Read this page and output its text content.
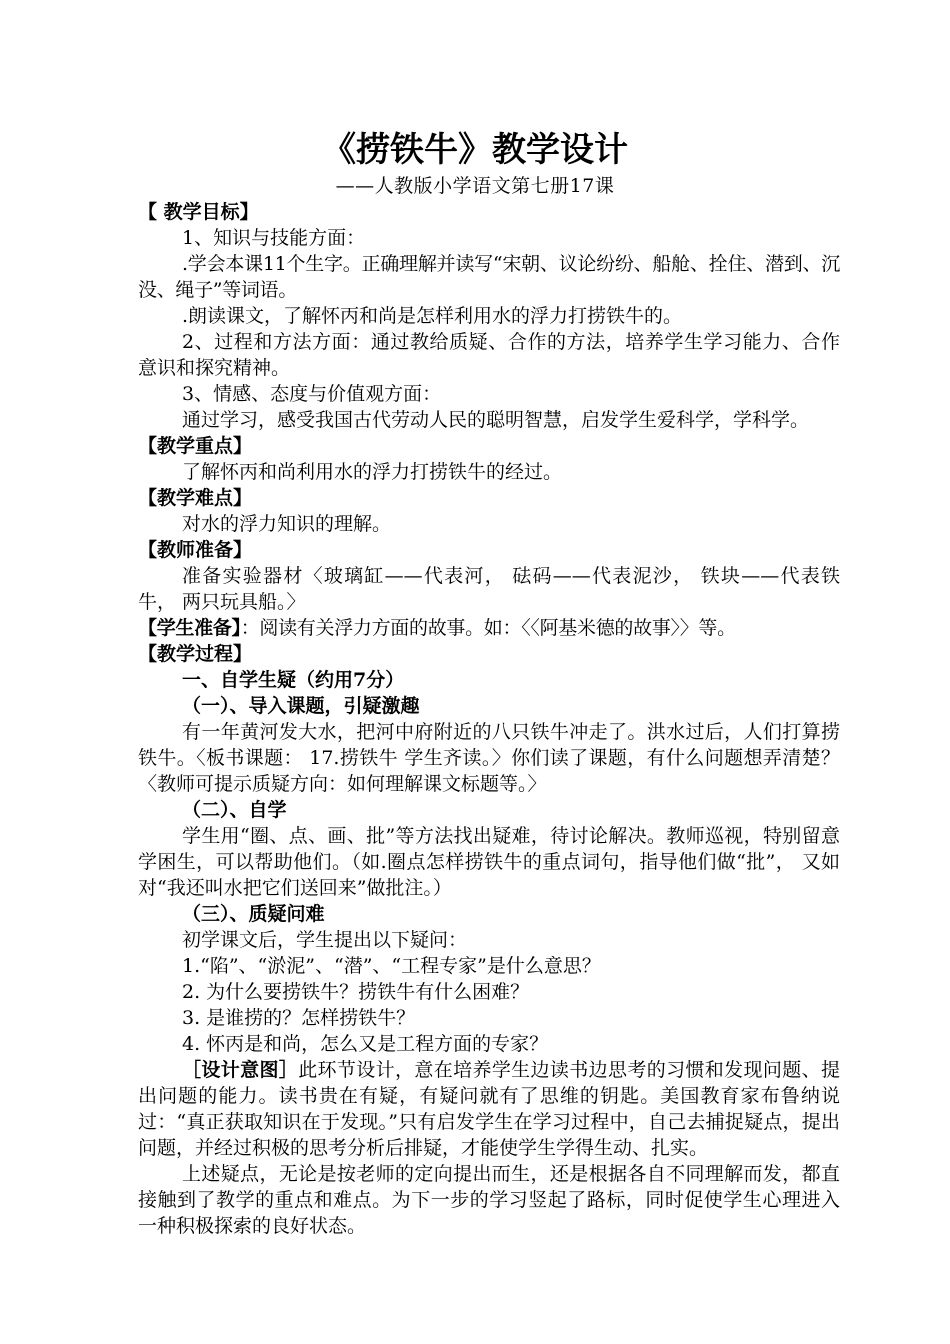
《捞铁牛》教学设计
——人教版小学语文第七册17课

【 教学目标】

1、知识与技能方面：

.学会本课11个生字。正确理解并读写“宋朝、议论纷纷、船舱、拴住、潜到、沉没、绳子”等词语。

.朗读课文，了解怀丙和尚是怎样利用水的浮力打捞铁牛的。

2、过程和方法方面：通过教给质疑、合作的方法，培养学生学习能力、合作意识和探究精神。

3、情感、态度与价值观方面：

通过学习，感受我国古代劳动人民的聪明智慧，启发学生爱科学，学科学。

【教学重点】

了解怀丙和尚利用水的浮力打捞铁牛的经过。

【教学难点】

对水的浮力知识的理解。

【教师准备】

准备实验器材〈玻璃缸——代表河， 砝码——代表泥沙， 铁块——代表铁牛， 两只玩具船。〉

【学生准备】：阅读有关浮力方面的故事。如：〈〈阿基米德的故事〉〉等。

【教学过程】

一、自学生疑（约用7分）

（一）、导入课题，引疑激趣

有一年黄河发大水，把河中府附近的八只铁牛冲走了。洪水过后，人们打算捞铁牛。〈板书课题： 17.捞铁牛 学生齐读。〉你们读了课题，有什么问题想弄清楚？〈教师可提示质疑方向：如何理解课文标题等。〉

（二）、自学

学生用“圈、点、画、批”等方法找出疑难，待讨论解决。教师巡视，特别留意学困生，可以帮助他们。（如.圈点怎样捞铁牛的重点词句，指导他们做“批”， 又如对“我还叫水把它们送回来”做批注。）

（三）、质疑问难

初学课文后，学生提出以下疑问：

1.“陷”、“淤泥”、“潜”、“工程专家”是什么意思？

2. 为什么要捞铁牛？捞铁牛有什么困难？

3. 是谁捞的？怎样捞铁牛？

4. 怀丙是和尚，怎么又是工程方面的专家？

［设计意图］此环节设计，意在培养学生边读书边思考的习惯和发现问题、提出问题的能力。读书贵在有疑，有疑问就有了思维的钥匙。美国教育家布鲁纳说过：“真正获取知识在于发现。”只有启发学生在学习过程中，自己去捕捉疑点，提出问题，并经过积极的思考分析后排疑，才能使学生学得生动、扎实。

上述疑点，无论是按老师的定向提出而生，还是根据各自不同理解而发，都直接触到了教学的重点和难点。为下一步的学习竖起了路标，同时促使学生心理进入一种积极探索的良好状态。
